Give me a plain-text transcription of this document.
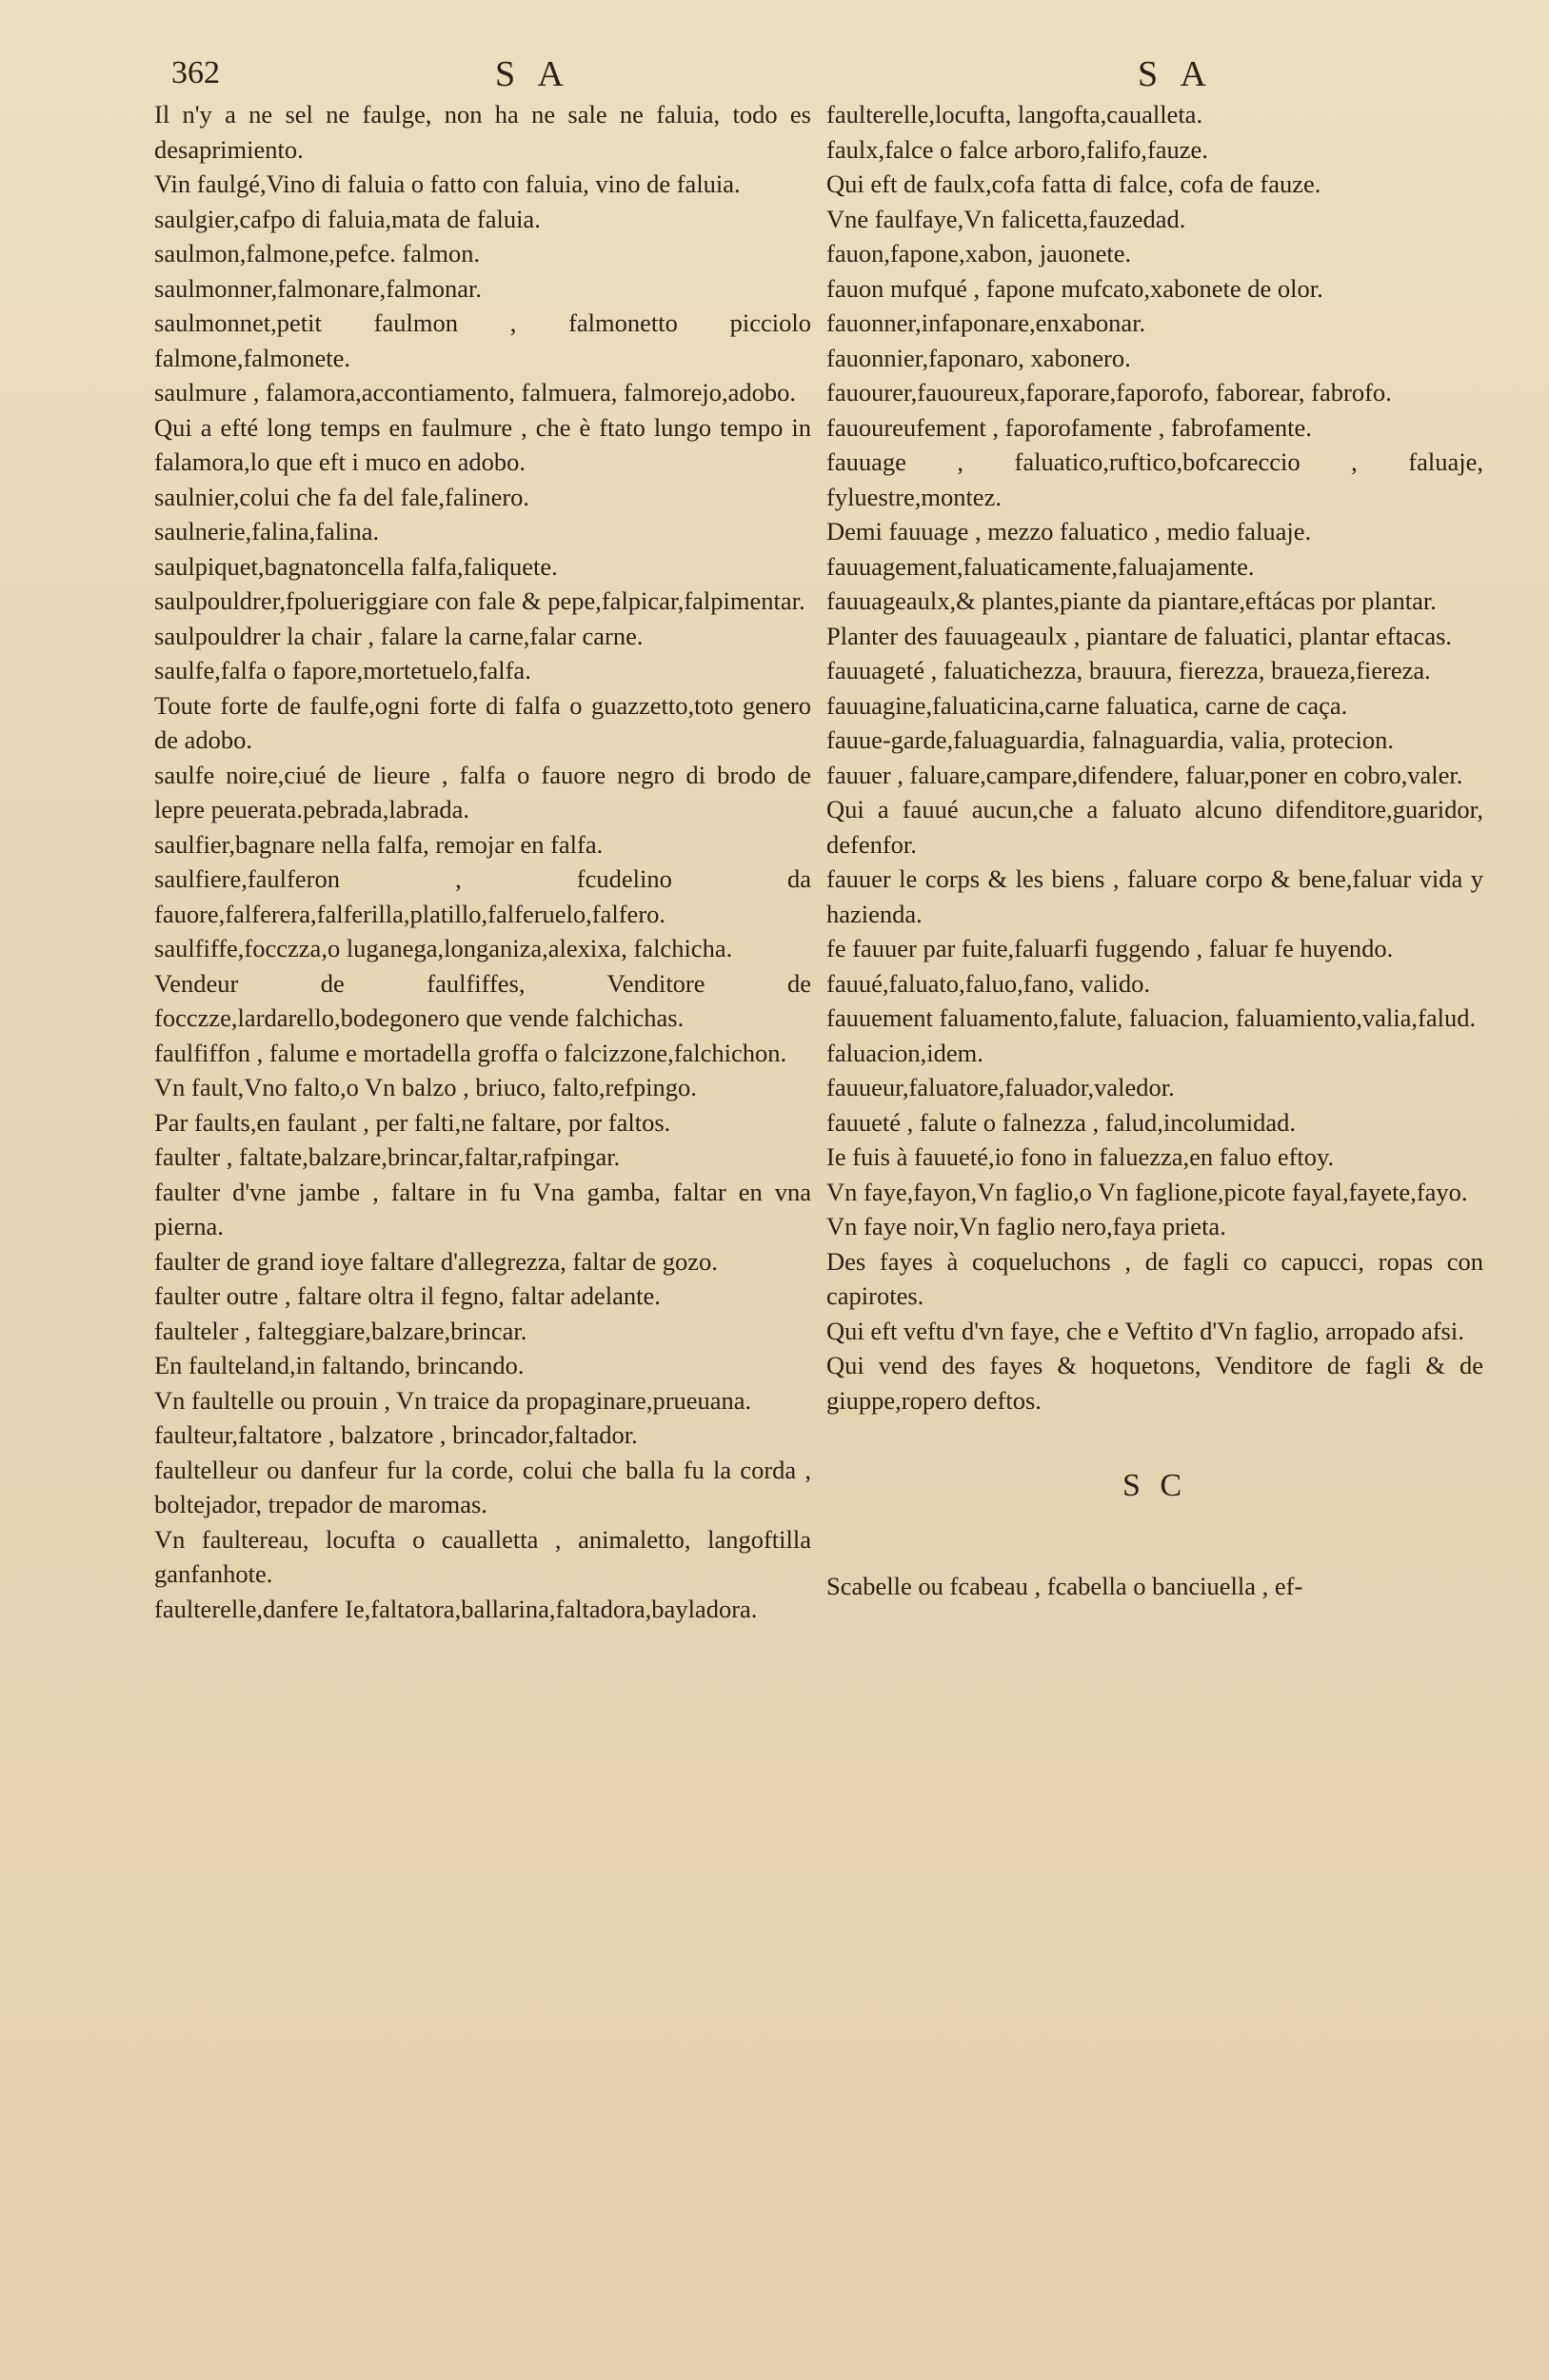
362	S A	S A

Il n'y a ne sel ne faulge, non ha ne sale ne faluia, todo es desaprimiento.

Vin faulgé,Vino di faluia o fatto con faluia, vino de faluia.

saulgier,cafpo di faluia,mata de faluia.

saulmon,falmone,pefce. falmon.

saulmonner,falmonare,falmonar.

saulmonnet,petit faulmon , falmonetto picciolo falmone,falmonete.

saulmure , falamora,accontiamento, falmuera, falmorejo,adobo.

Qui a efté long temps en faulmure , che è ftato lungo tempo in falamora,lo que eft i muco en adobo.

saulnier,colui che fa del fale,falinero.

saulnerie,falina,falina.

saulpiquet,bagnatoncella falfa,faliquete.

saulpouldrer,fpolueriggiare con fale & pepe,falpicar,falpimentar.

saulpouldrer la chair , falare la carne,falar carne.

saulfe,falfa o fapore,mortetuelo,falfa.

Toute forte de faulfe,ogni forte di falfa o guazzetto,toto genero de adobo.

saulfe noire,ciué de lieure , falfa o fauore negro di brodo de lepre peuerata.pebrada,labrada.

saulfier,bagnare nella falfa, remojar en falfa.

saulfiere,faulferon , fcudelino da fauore,falferera,falferilla,platillo,falferuelo,falfero.

saulfiffe,focczza,o luganega,longaniza,alexixa, falchicha.

Vendeur de faulfiffes, Venditore de focczze,lardarello,bodegonero que vende falchichas.

faulfiffon , falume e mortadella groffa o falcizzone,falchichon.

Vn fault,Vno falto,o Vn balzo , briuco, falto,refpingo.

Par faults,en faulant , per falti,ne faltare, por faltos.

faulter , faltate,balzare,brincar,faltar,rafpingar.

faulter d'vne jambe , faltare in fu Vna gamba, faltar en vna pierna.

faulter de grand ioye faltare d'allegrezza, faltar de gozo.

faulter outre , faltare oltra il fegno, faltar adelante.

faulteler , falteggiare,balzare,brincar.

En faulteland,in faltando, brincando.

Vn faultelle ou prouin , Vn traice da propaginare,prueuana.

faulteur,faltatore , balzatore , brincador,faltador.

faultelleur ou danfeur fur la corde, colui che balla fu la corda , boltejador, trepador de maromas.

Vn faultereau, locufta o caualletta , animaletto, langoftilla ganfanhote.

faulterelle,danfere Ie,faltatora,ballarina,faltadora,bayladora.

faulterelle,locufta, langofta,caualleta.

faulx,falce o falce arboro,falifo,fauze.

Qui eft de faulx,cofa fatta di falce, cofa de fauze.

Vne faulfaye,Vn falicetta,fauzedad.

fauon,fapone,xabon, jauonete.

fauon mufqué , fapone mufcato,xabonete de olor.

fauonner,infaponare,enxabonar.

fauonnier,faponaro, xabonero.

fauourer,fauoureux,faporare,faporofo, faborear, fabrofo.

fauoureufement , faporofamente , fabrofamente.

fauuage , faluatico,ruftico,bofcareccio , faluaje, fyluestre,montez.

Demi fauuage , mezzo faluatico , medio faluaje.

fauuagement,faluaticamente,faluajamente.

fauuageaulx,& plantes,piante da piantare,eftácas por plantar.

Planter des fauuageaulx , piantare de faluatici, plantar eftacas.

fauuageté , faluatichezza, brauura, fierezza, braueza,fiereza.

fauuagine,faluaticina,carne faluatica, carne de caça.

fauue-garde,faluaguardia, falnaguardia, valia, protecion.

fauuer , faluare,campare,difendere, faluar,poner en cobro,valer.

Qui a fauué aucun,che a faluato alcuno difenditore,guaridor, defenfor.

fauuer le corps & les biens , faluare corpo & bene,faluar vida y hazienda.

fe fauuer par fuite,faluarfi fuggendo , faluar fe huyendo.

fauué,faluato,faluo,fano, valido.

fauuement faluamento,falute, faluacion, faluamiento,valia,falud.

faluacion,idem.

fauueur,faluatore,faluador,valedor.

fauueté , falute o falnezza , falud,incolumidad.

Ie fuis à fauueté,io fono in faluezza,en faluo eftoy.

Vn faye,fayon,Vn faglio,o Vn faglione,picote fayal,fayete,fayo.

Vn faye noir,Vn faglio nero,faya prieta.

Des fayes à coqueluchons , de fagli co capucci, ropas con capirotes.

Qui eft veftu d'vn faye, che e Veftito d'Vn faglio, arropado afsi.

Qui vend des fayes & hoquetons, Venditore de fagli & de giuppe,ropero deftos.

S C

Scabelle ou fcabeau , fcabella o banciuella , ef-
